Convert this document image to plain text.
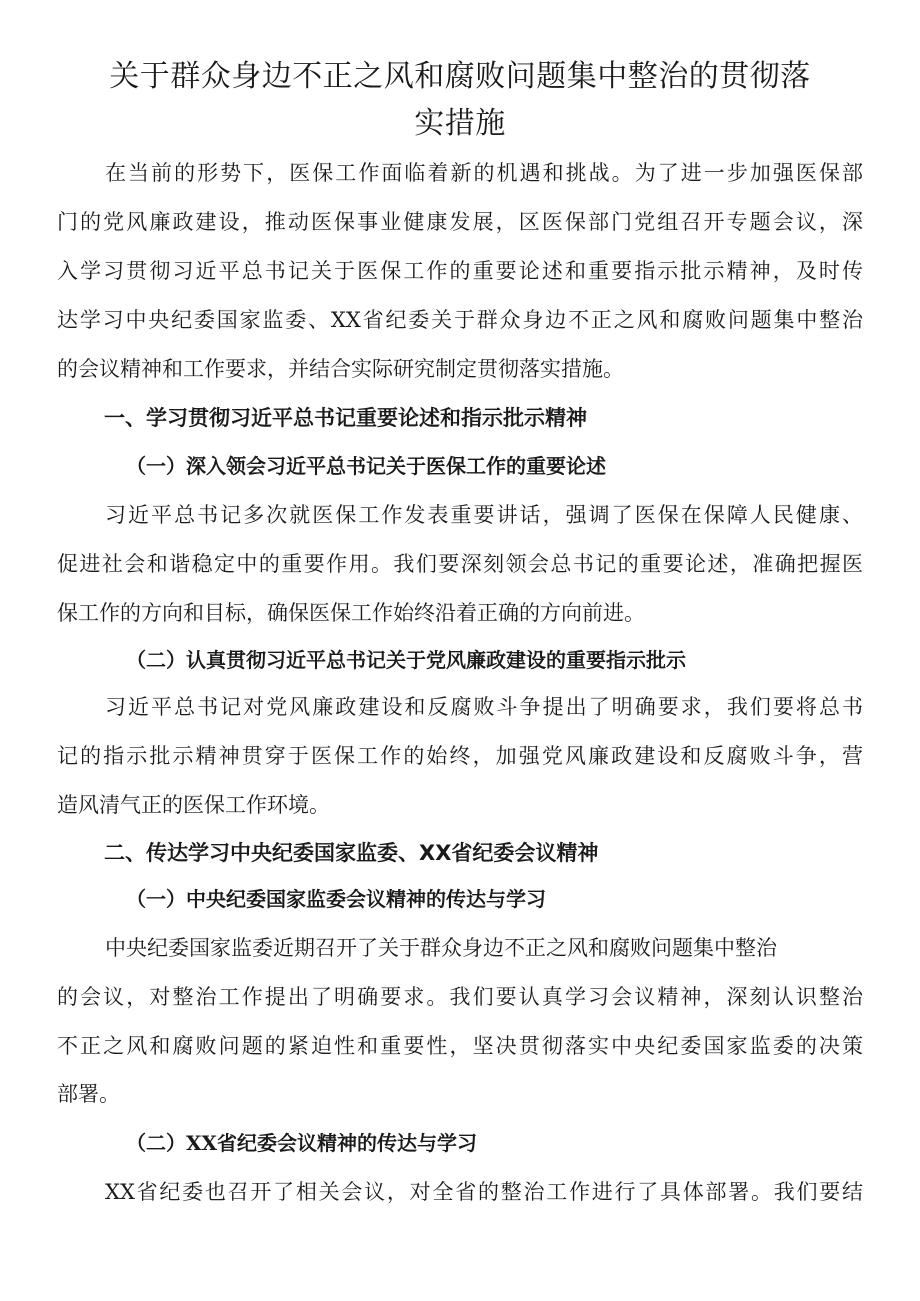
关于群众身边不正之风和腐败问题集中整治的贯彻落
实措施
在当前的形势下，医保工作面临着新的机遇和挑战。为了进一步加强医保部
门的党风廉政建设，推动医保事业健康发展，区医保部门党组召开专题会议，深
入学习贯彻习近平总书记关于医保工作的重要论述和重要指示批示精神，及时传
达学习中央纪委国家监委、XX省纪委关于群众身边不正之风和腐败问题集中整治
的会议精神和工作要求，并结合实际研究制定贯彻落实措施。
一、学习贯彻习近平总书记重要论述和指示批示精神
（一）深入领会习近平总书记关于医保工作的重要论述
习近平总书记多次就医保工作发表重要讲话，强调了医保在保障人民健康、
促进社会和谐稳定中的重要作用。我们要深刻领会总书记的重要论述，准确把握医
保工作的方向和目标，确保医保工作始终沿着正确的方向前进。
（二）认真贯彻习近平总书记关于党风廉政建设的重要指示批示
习近平总书记对党风廉政建设和反腐败斗争提出了明确要求，我们要将总书
记的指示批示精神贯穿于医保工作的始终，加强党风廉政建设和反腐败斗争，营
造风清气正的医保工作环境。
二、传达学习中央纪委国家监委、XX省纪委会议精神
（一）中央纪委国家监委会议精神的传达与学习
中央纪委国家监委近期召开了关于群众身边不正之风和腐败问题集中整治
的会议，对整治工作提出了明确要求。我们要认真学习会议精神，深刻认识整治
不正之风和腐败问题的紧迫性和重要性，坚决贯彻落实中央纪委国家监委的决策
部署。
（二）XX省纪委会议精神的传达与学习
XX省纪委也召开了相关会议，对全省的整治工作进行了具体部署。我们要结
